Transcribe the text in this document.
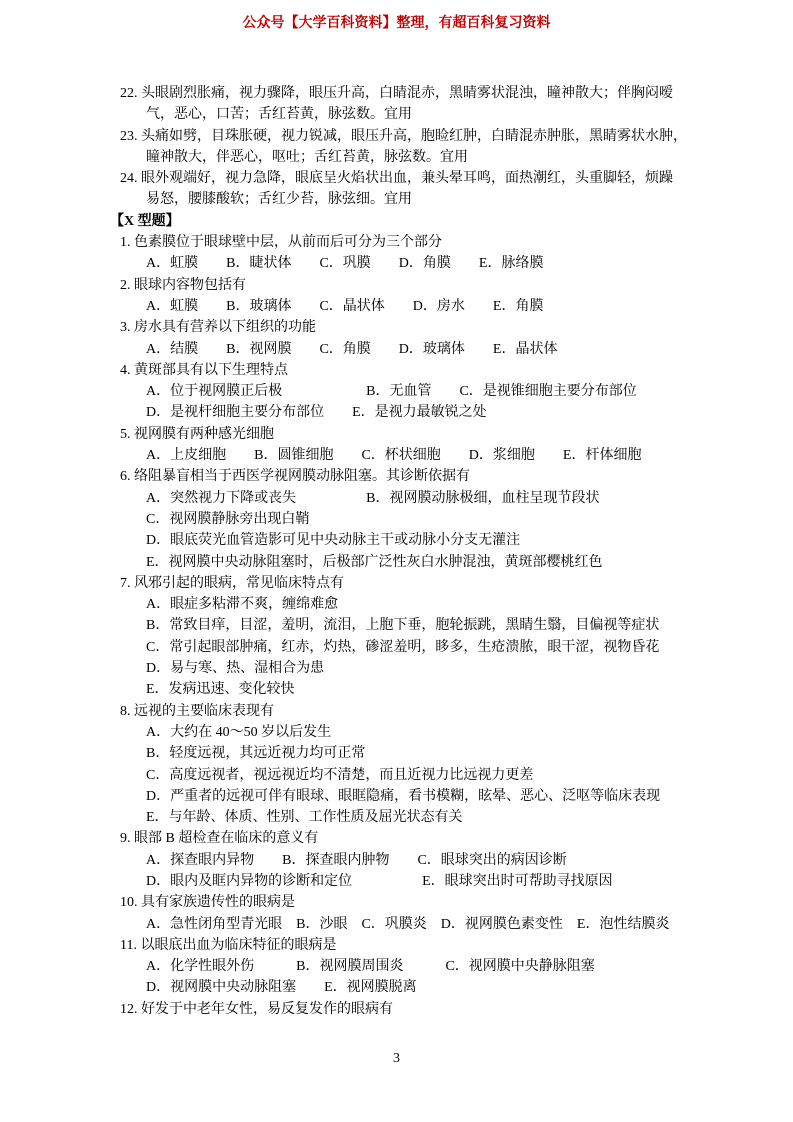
公众号【大学百科资料】整理，有超百科复习资料
22. 头眼剧烈胀痛，视力骤降，眼压升高，白睛混赤，黑睛雾状混浊，瞳神散大；伴胸闷嗳
气，恶心，口苦；舌红苔黄，脉弦数。宜用
23. 头痛如劈，目珠胀硬，视力锐减，眼压升高，胞睑红肿，白睛混赤肿胀，黑睛雾状水肿，
瞳神散大，伴恶心，呕吐；舌红苔黄，脉弦数。宜用
24. 眼外观端好，视力急降，眼底呈火焰状出血，兼头晕耳鸣，面热潮红，头重脚轻，烦躁
易怒，腰膝酸软；舌红少苔，脉弦细。宜用
【X 型题】
1. 色素膜位于眼球壁中层，从前而后可分为三个部分
A．虹膜　　B．睫状体　　C．巩膜　　D．角膜　　E．脉络膜
2. 眼球内容物包括有
A．虹膜　　B．玻璃体　　C．晶状体　　D．房水　　E．角膜
3. 房水具有营养以下组织的功能
A．结膜　　B．视网膜　　C．角膜　　D．玻璃体　　E．晶状体
4. 黄斑部具有以下生理特点
A．位于视网膜正后极　　　　　　B．无血管　　C．是视锥细胞主要分布部位
D．是视杆细胞主要分布部位　　E．是视力最敏锐之处
5. 视网膜有两种感光细胞
A．上皮细胞　　B．圆锥细胞　　C．杯状细胞　　D．浆细胞　　E．杆体细胞
6. 络阻暴盲相当于西医学视网膜动脉阻塞。其诊断依据有
A．突然视力下降或丧失　　　　　B．视网膜动脉极细，血柱呈现节段状
C．视网膜静脉旁出现白鞘
D．眼底荧光血管造影可见中央动脉主干或动脉小分支无灌注
E．视网膜中央动脉阻塞时，后极部广泛性灰白水肿混浊，黄斑部樱桃红色
7. 风邪引起的眼病，常见临床特点有
A．眼症多粘滞不爽，缠绵难愈
B．常致目痒，目涩，羞明，流泪，上胞下垂，胞轮振跳，黑睛生翳，目偏视等症状
C．常引起眼部肿痛，红赤，灼热，碜涩羞明，眵多，生疮溃脓，眼干涩，视物昏花
D．易与寒、热、湿相合为患
E．发病迅速、变化较快
8. 远视的主要临床表现有
A．大约在 40～50 岁以后发生
B．轻度远视，其远近视力均可正常
C．高度远视者，视远视近均不清楚，而且近视力比远视力更差
D．严重者的远视可伴有眼球、眼眶隐痛，看书模糊，眩晕、恶心、泛呕等临床表现
E．与年龄、体质、性别、工作性质及屈光状态有关
9. 眼部 B 超检查在临床的意义有
A．探查眼内异物　　B．探查眼内肿物　　C．眼球突出的病因诊断
D．眼内及眶内异物的诊断和定位　　　　　E．眼球突出时可帮助寻找原因
10. 具有家族遗传性的眼病是
A．急性闭角型青光眼　B．沙眼　C．巩膜炎　D．视网膜色素变性　E．泡性结膜炎
11. 以眼底出血为临床特征的眼病是
A．化学性眼外伤　　　B．视网膜周围炎　　　C．视网膜中央静脉阻塞
D．视网膜中央动脉阻塞　　E．视网膜脱离
12. 好发于中老年女性，易反复发作的眼病有
3
